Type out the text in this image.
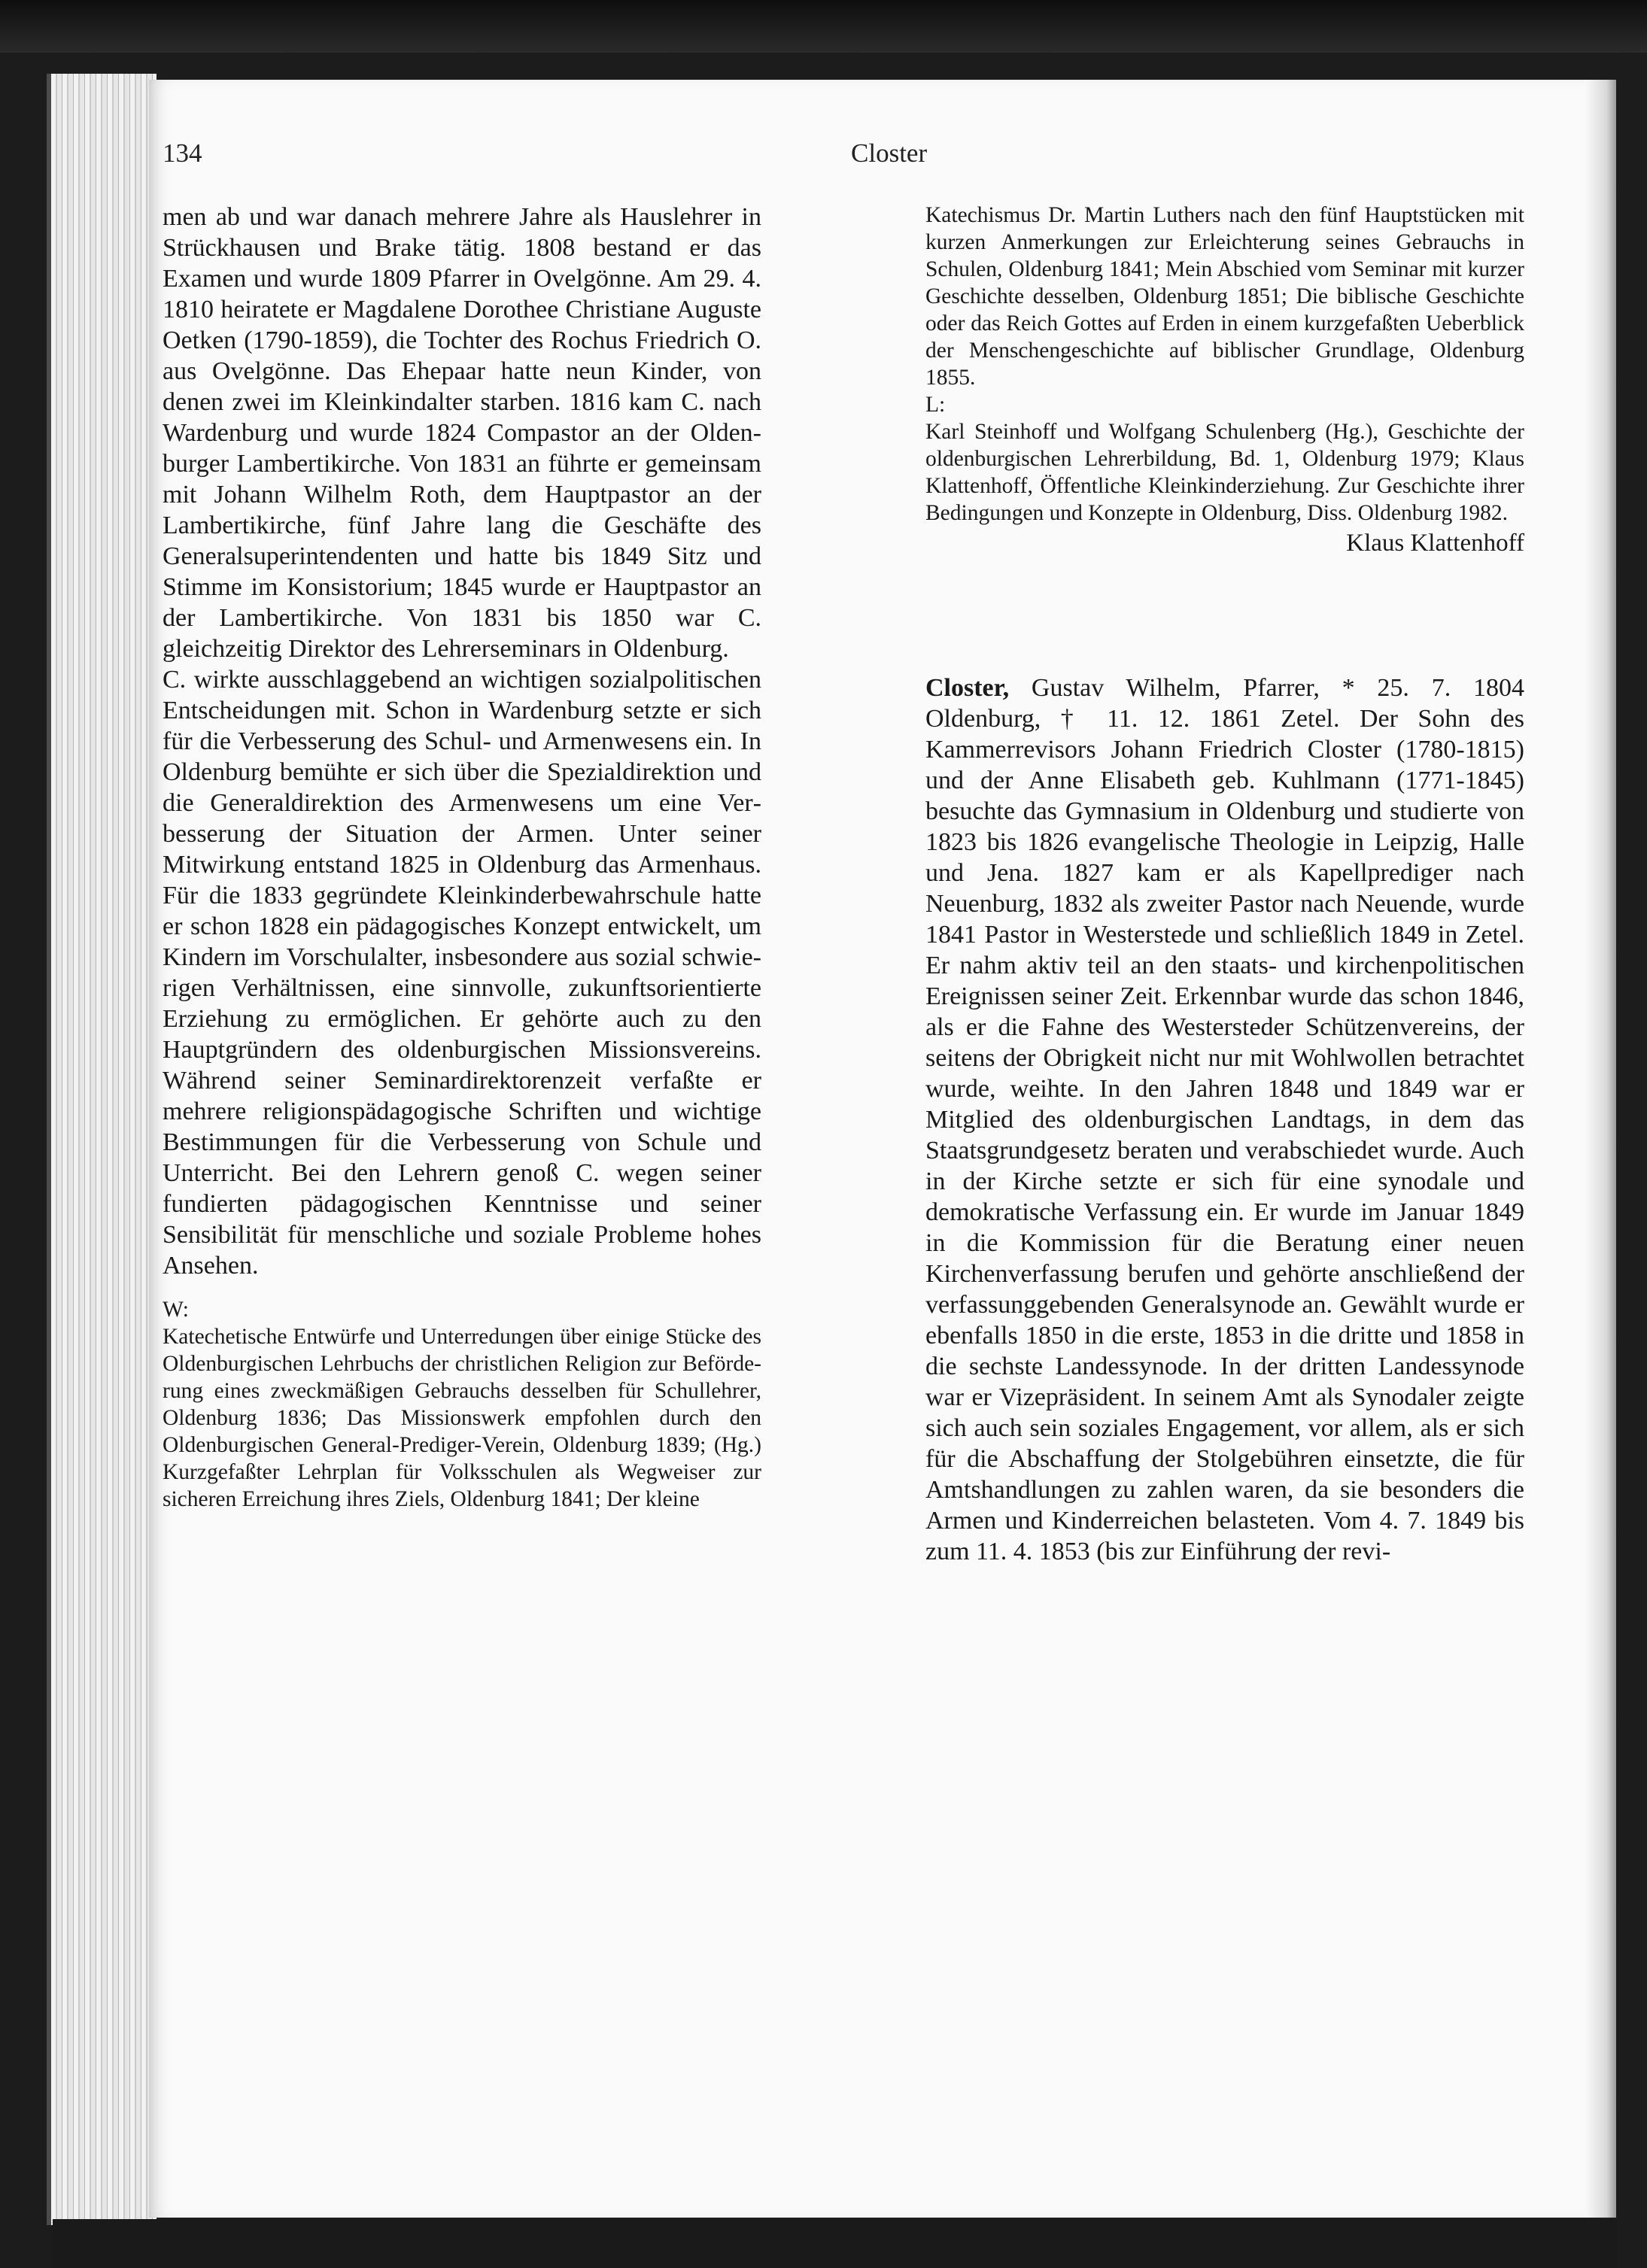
134	Closter

men ab und war danach mehrere Jahre als Hauslehrer in Strückhausen und Brake tätig. 1808 bestand er das Examen und wurde 1809 Pfarrer in Ovelgönne. Am 29. 4. 1810 heiratete er Magdalene Dorothee Christiane Auguste Oetken (1790-1859), die Tochter des Rochus Friedrich O. aus Ovelgönne. Das Ehepaar hatte neun Kinder, von denen zwei im Kleinkindalter starben. 1816 kam C. nach Wardenburg und wurde 1824 Compastor an der Oldenburger Lambertikirche. Von 1831 an führte er gemeinsam mit Johann Wilhelm Roth, dem Hauptpastor an der Lambertikirche, fünf Jahre lang die Geschäfte des Generalsuperintendenten und hatte bis 1849 Sitz und Stimme im Konsistorium; 1845 wurde er Hauptpastor an der Lambertikirche. Von 1831 bis 1850 war C. gleichzeitig Direktor des Lehrerseminars in Oldenburg.

C. wirkte ausschlaggebend an wichtigen sozialpolitischen Entscheidungen mit. Schon in Wardenburg setzte er sich für die Verbesserung des Schul- und Armenwesens ein. In Oldenburg bemühte er sich über die Spezialdirektion und die Generaldirektion des Armenwesens um eine Verbesserung der Situation der Armen. Unter seiner Mitwirkung entstand 1825 in Oldenburg das Armenhaus. Für die 1833 gegründete Kleinkinderbewahrschule hatte er schon 1828 ein pädagogisches Konzept entwickelt, um Kindern im Vorschulalter, insbesondere aus sozial schwierigen Verhältnissen, eine sinnvolle, zukunftsorientierte Erziehung zu ermöglichen. Er gehörte auch zu den Hauptgründern des oldenburgischen Missionsvereins. Während seiner Seminardirektorenzeit verfaßte er mehrere religionspädagogische Schriften und wichtige Bestimmungen für die Verbesserung von Schule und Unterricht. Bei den Lehrern genoß C. wegen seiner fundierten pädagogischen Kenntnisse und seiner Sensibilität für menschliche und soziale Probleme hohes Ansehen.

W:

Katechetische Entwürfe und Unterredungen über einige Stücke des Oldenburgischen Lehrbuchs der christlichen Religion zur Beförderung eines zweckmäßigen Gebrauchs desselben für Schullehrer, Oldenburg 1836; Das Missionswerk empfohlen durch den Oldenburgischen General-Prediger-Verein, Oldenburg 1839; (Hg.) Kurzgefaßter Lehrplan für Volksschulen als Wegweiser zur sicheren Erreichung ihres Ziels, Oldenburg 1841; Der kleine

Katechismus Dr. Martin Luthers nach den fünf Hauptstücken mit kurzen Anmerkungen zur Erleichterung seines Gebrauchs in Schulen, Oldenburg 1841; Mein Abschied vom Seminar mit kurzer Geschichte desselben, Oldenburg 1851; Die biblische Geschichte oder das Reich Gottes auf Erden in einem kurzgefaßten Ueberblick der Menschengeschichte auf biblischer Grundlage, Oldenburg 1855.

L:

Karl Steinhoff und Wolfgang Schulenberg (Hg.), Geschichte der oldenburgischen Lehrerbildung, Bd. 1, Oldenburg 1979; Klaus Klattenhoff, Öffentliche Kleinkinderziehung. Zur Geschichte ihrer Bedingungen und Konzepte in Oldenburg, Diss. Oldenburg 1982.

Klaus Klattenhoff

Closter, Gustav Wilhelm, Pfarrer, * 25. 7. 1804 Oldenburg, † 11. 12. 1861 Zetel. Der Sohn des Kammerrevisors Johann Friedrich Closter (1780-1815) und der Anne Elisabeth geb. Kuhlmann (1771-1845) besuchte das Gymnasium in Oldenburg und studierte von 1823 bis 1826 evangelische Theologie in Leipzig, Halle und Jena. 1827 kam er als Kapellprediger nach Neuenburg, 1832 als zweiter Pastor nach Neuende, wurde 1841 Pastor in Westerstede und schließlich 1849 in Zetel. Er nahm aktiv teil an den staats- und kirchenpolitischen Ereignissen seiner Zeit. Erkennbar wurde das schon 1846, als er die Fahne des Westersteder Schützenvereins, der seitens der Obrigkeit nicht nur mit Wohlwollen betrachtet wurde, weihte. In den Jahren 1848 und 1849 war er Mitglied des oldenburgischen Landtags, in dem das Staatsgrundgesetz beraten und verabschiedet wurde. Auch in der Kirche setzte er sich für eine synodale und demokratische Verfassung ein. Er wurde im Januar 1849 in die Kommission für die Beratung einer neuen Kirchenverfassung berufen und gehörte anschließend der verfassunggebenden Generalsynode an. Gewählt wurde er ebenfalls 1850 in die erste, 1853 in die dritte und 1858 in die sechste Landessynode. In der dritten Landessynode war er Vizepräsident. In seinem Amt als Synodaler zeigte sich auch sein soziales Engagement, vor allem, als er sich für die Abschaffung der Stolgebühren einsetzte, die für Amtshandlungen zu zahlen waren, da sie besonders die Armen und Kinderreichen belasteten. Vom 4. 7. 1849 bis zum 11. 4. 1853 (bis zur Einführung der revi-
